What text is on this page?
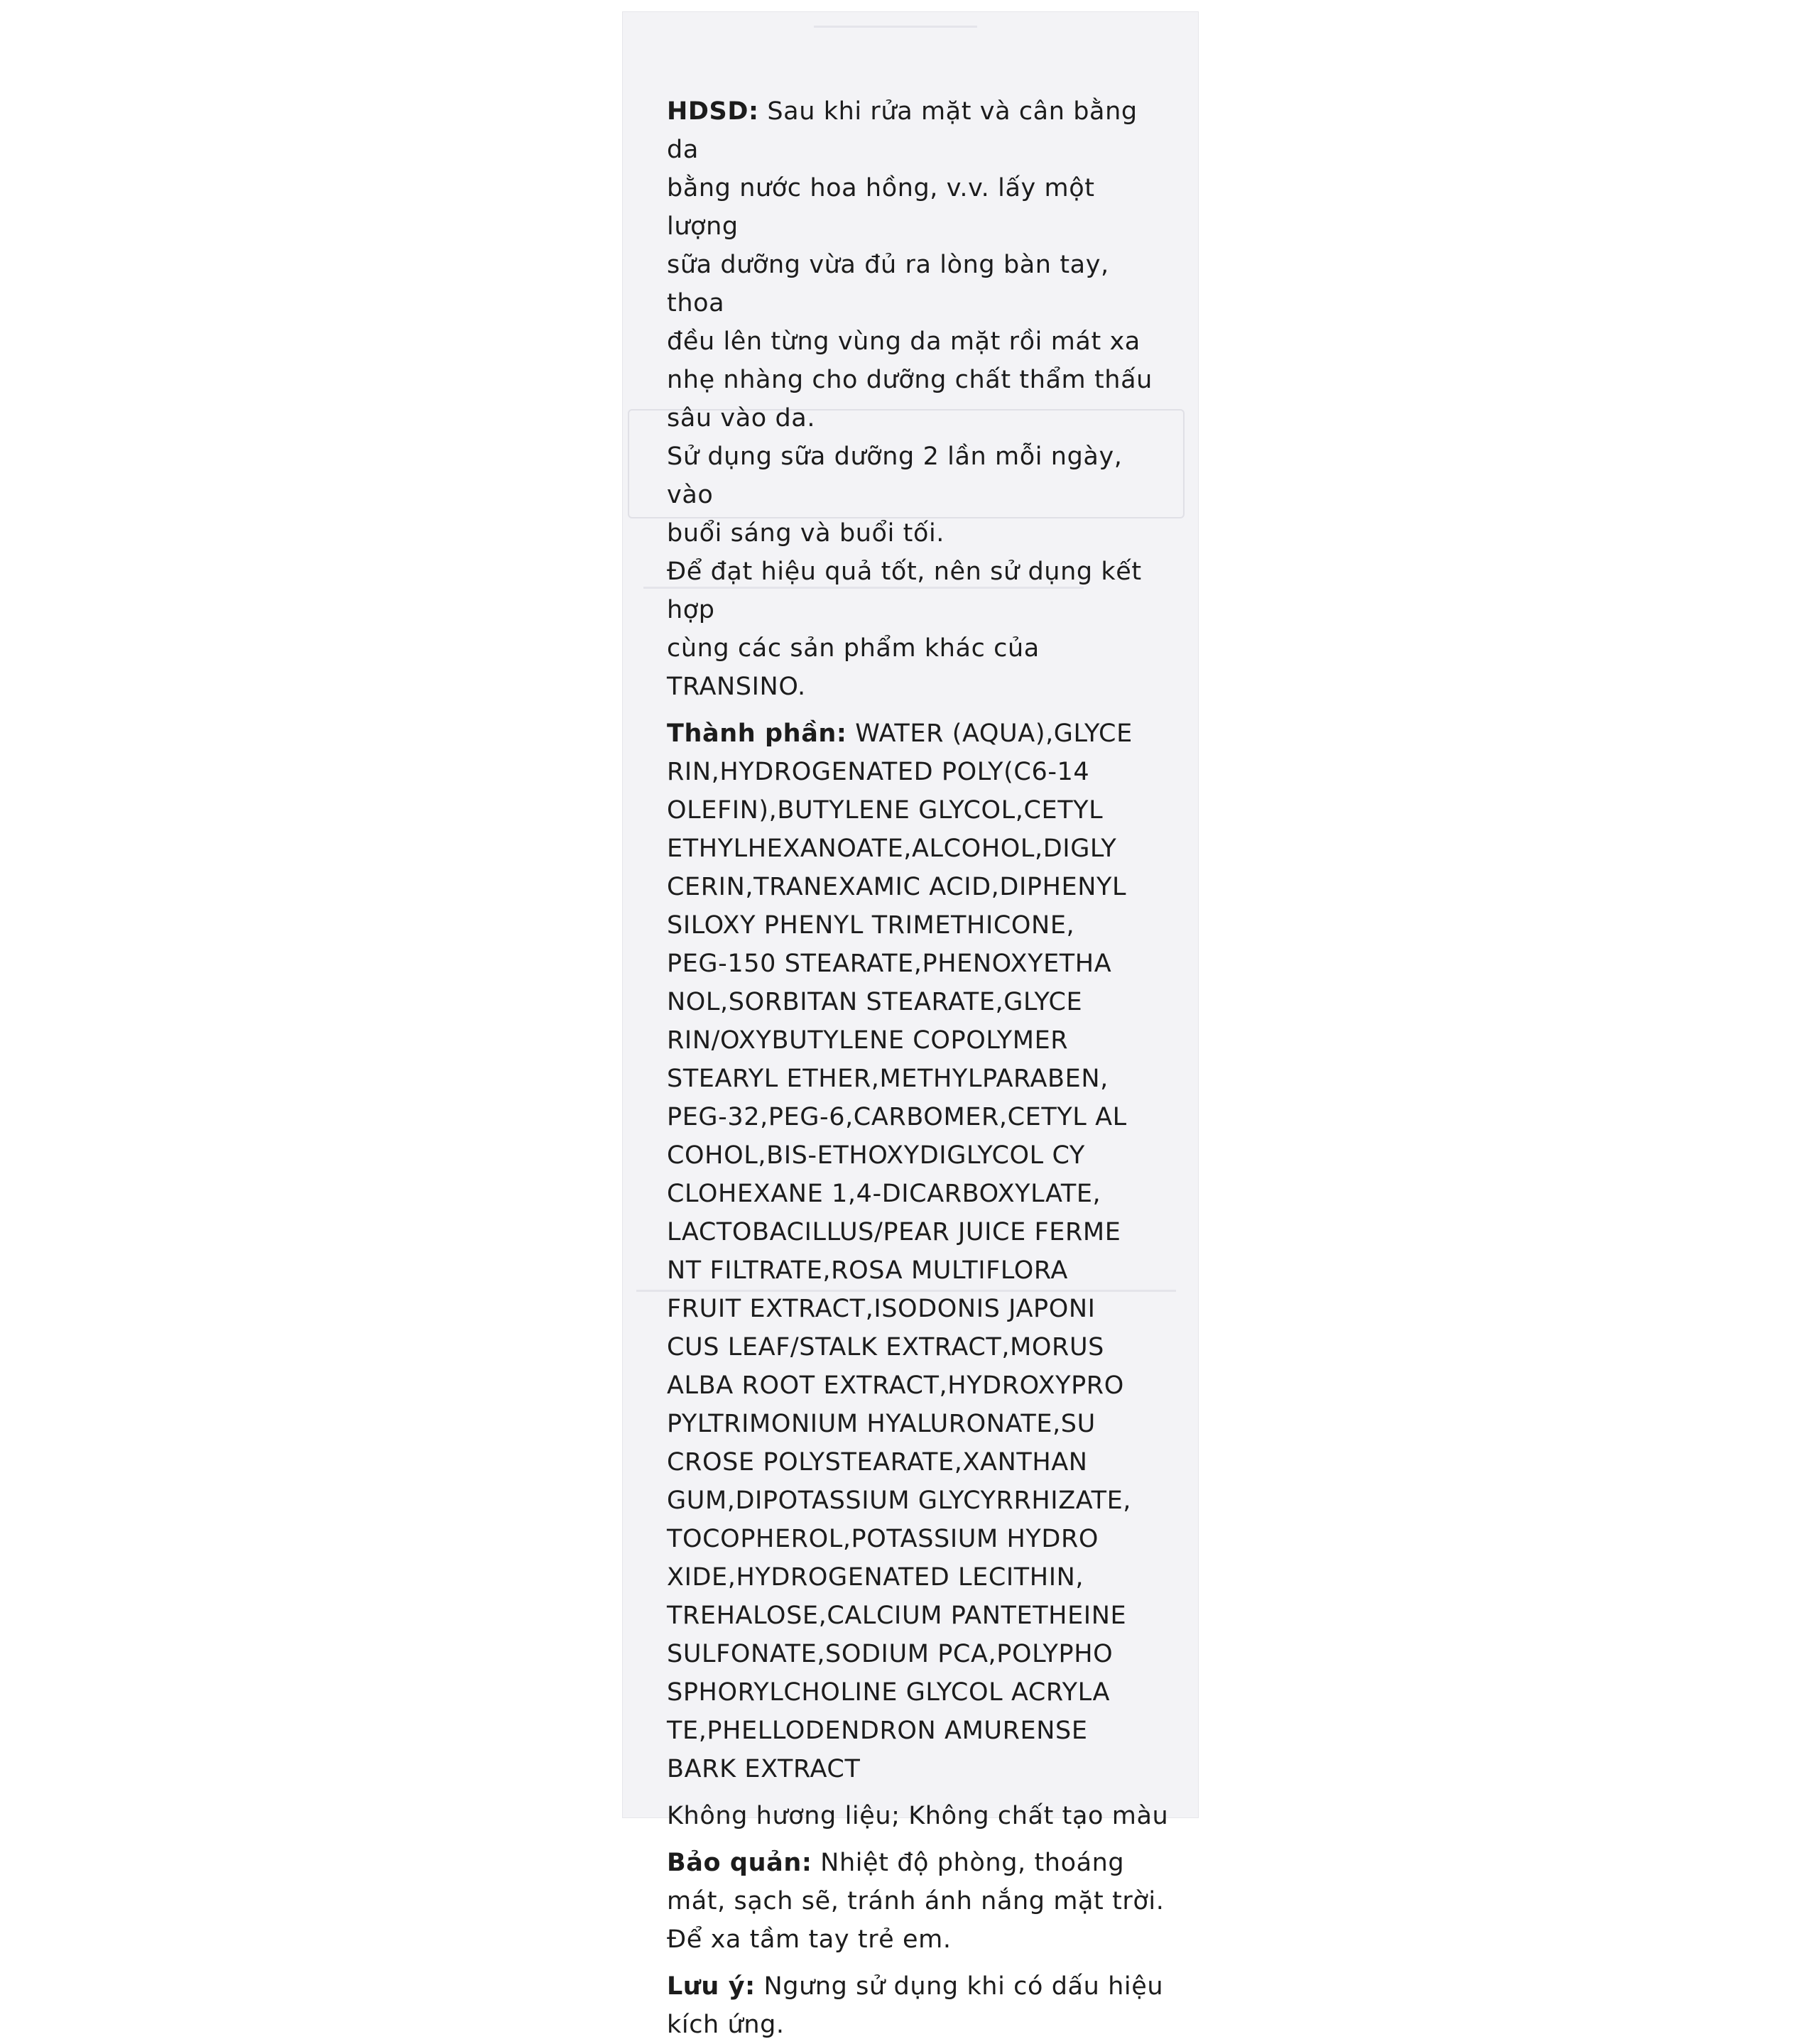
HDSD: Sau khi rửa mặt và cân bằng da
bằng nước hoa hồng, v.v. lấy một lượng
sữa dưỡng vừa đủ ra lòng bàn tay, thoa
đều lên từng vùng da mặt rồi mát xa
nhẹ nhàng cho dưỡng chất thẩm thấu
sâu vào da.
Sử dụng sữa dưỡng 2 lần mỗi ngày, vào
buổi sáng và buổi tối.
Để đạt hiệu quả tốt, nên sử dụng kết hợp
cùng các sản phẩm khác của TRANSINO.
Thành phần: WATER (AQUA),GLYCE
RIN,HYDROGENATED POLY(C6-14
OLEFIN),BUTYLENE GLYCOL,CETYL
ETHYLHEXANOATE,ALCOHOL,DIGLY
CERIN,TRANEXAMIC ACID,DIPHENYL
SILOXY PHENYL TRIMETHICONE,
PEG-150 STEARATE,PHENOXYETHA
NOL,SORBITAN STEARATE,GLYCE
RIN/OXYBUTYLENE COPOLYMER
STEARYL ETHER,METHYLPARABEN,
PEG-32,PEG-6,CARBOMER,CETYL AL
COHOL,BIS-ETHOXYDIGLYCOL CY
CLOHEXANE 1,4-DICARBOXYLATE,
LACTOBACILLUS/PEAR JUICE FERME
NT FILTRATE,ROSA MULTIFLORA
FRUIT EXTRACT,ISODONIS JAPONI
CUS LEAF/STALK EXTRACT,MORUS
ALBA ROOT EXTRACT,HYDROXYPRO
PYLTRIMONIUM HYALURONATE,SU
CROSE POLYSTEARATE,XANTHAN
GUM,DIPOTASSIUM GLYCYRRHIZATE,
TOCOPHEROL,POTASSIUM HYDRO
XIDE,HYDROGENATED LECITHIN,
TREHALOSE,CALCIUM PANTETHEINE
SULFONATE,SODIUM PCA,POLYPHO
SPHORYLCHOLINE GLYCOL ACRYLA
TE,PHELLODENDRON AMURENSE
BARK EXTRACT
Không hương liệu; Không chất tạo màu
Bảo quản: Nhiệt độ phòng, thoáng
mát, sạch sẽ, tránh ánh nắng mặt trời.
Để xa tầm tay trẻ em.
Lưu ý: Ngưng sử dụng khi có dấu hiệu
kích ứng.
